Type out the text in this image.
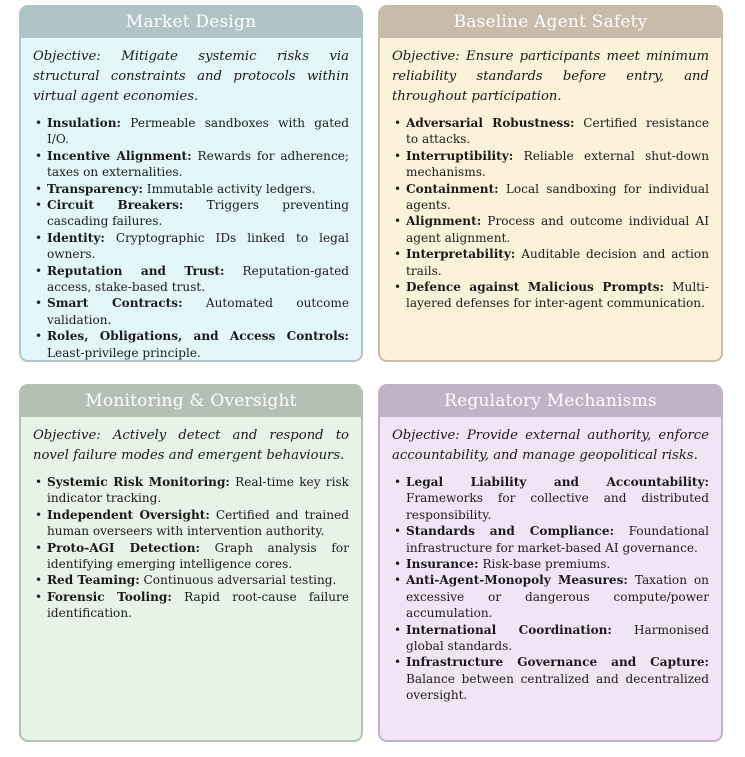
Market Design

Objective: Mitigate systemic risks via structural constraints and protocols within virtual agent economies.

• Insulation: Permeable sandboxes with gated I/O.
• Incentive Alignment: Rewards for adherence; taxes on externalities.
• Transparency: Immutable activity ledgers.
• Circuit Breakers: Triggers preventing cascading failures.
• Identity: Cryptographic IDs linked to legal owners.
• Reputation and Trust: Reputation-gated access, stake-based trust.
• Smart Contracts: Automated outcome validation.
• Roles, Obligations, and Access Controls: Least-privilege principle.
Baseline Agent Safety

Objective: Ensure participants meet minimum reliability standards before entry, and throughout participation.

• Adversarial Robustness: Certified resistance to attacks.
• Interruptibility: Reliable external shut-down mechanisms.
• Containment: Local sandboxing for individual agents.
• Alignment: Process and outcome individual AI agent alignment.
• Interpretability: Auditable decision and action trails.
• Defence against Malicious Prompts: Multi-layered defenses for inter-agent communication.
Monitoring & Oversight

Objective: Actively detect and respond to novel failure modes and emergent behaviours.

• Systemic Risk Monitoring: Real-time key risk indicator tracking.
• Independent Oversight: Certified and trained human overseers with intervention authority.
• Proto-AGI Detection: Graph analysis for identifying emerging intelligence cores.
• Red Teaming: Continuous adversarial testing.
• Forensic Tooling: Rapid root-cause failure identification.
Regulatory Mechanisms

Objective: Provide external authority, enforce accountability, and manage geopolitical risks.

• Legal Liability and Accountability: Frameworks for collective and distributed responsibility.
• Standards and Compliance: Foundational infrastructure for market-based AI governance.
• Insurance: Risk-base premiums.
• Anti-Agent-Monopoly Measures: Taxation on excessive or dangerous compute/power accumulation.
• International Coordination: Harmonised global standards.
• Infrastructure Governance and Capture: Balance between centralized and decentralized oversight.
